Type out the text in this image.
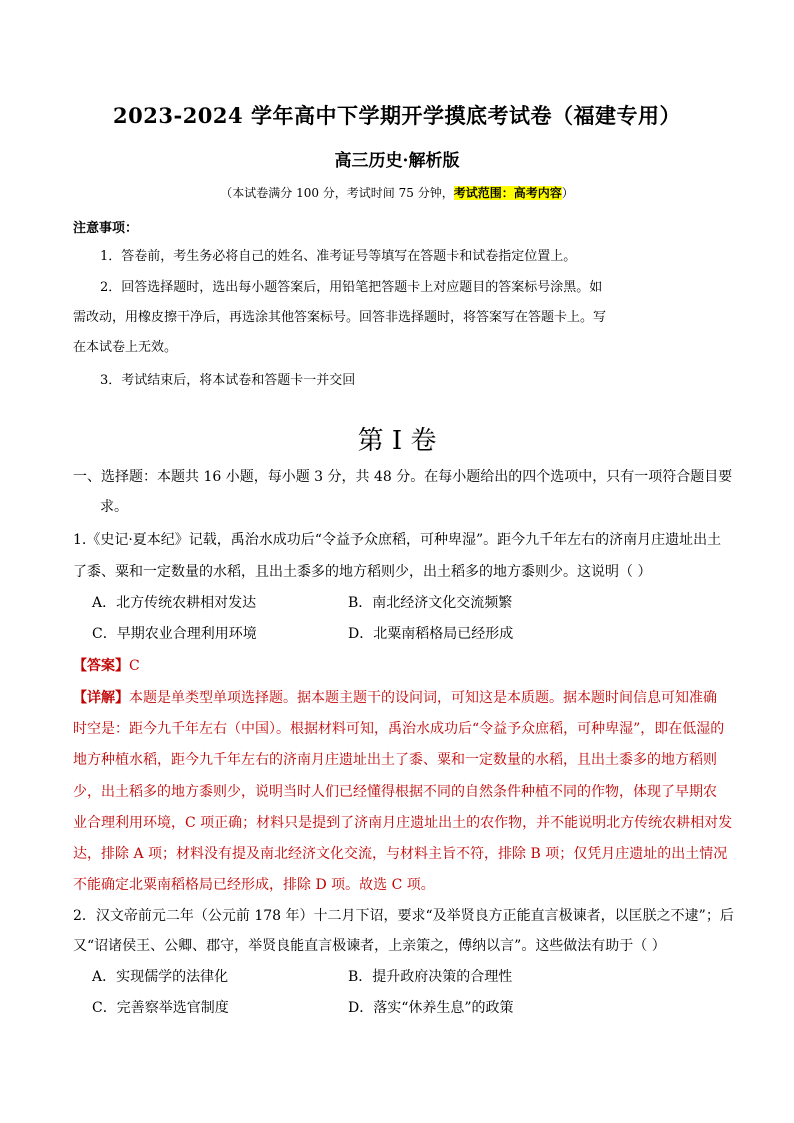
2023-2024 学年高中下学期开学摸底考试卷（福建专用）
高三历史·解析版
（本试卷满分 100 分，考试时间 75 分钟，考试范围：高考内容）
注意事项：
1．答卷前，考生务必将自己的姓名、准考证号等填写在答题卡和试卷指定位置上。
2．回答选择题时，选出每小题答案后，用铅笔把答题卡上对应题目的答案标号涂黑。如
需改动，用橡皮擦干净后，再选涂其他答案标号。回答非选择题时，将答案写在答题卡上。写
在本试卷上无效。
3．考试结束后，将本试卷和答题卡一并交回
第 I 卷
一、选择题：本题共 16 小题，每小题 3 分，共 48 分。在每小题给出的四个选项中，只有一项符合题目要
求。
1.《史记·夏本纪》记载，禹治水成功后“令益予众庶稻，可种卑湿”。距今九千年左右的济南月庄遗址出土
了黍、粟和一定数量的水稻，且出土黍多的地方稻则少，出土稻多的地方黍则少。这说明（ ）
A．北方传统农耕相对发达	B．南北经济文化交流频繁
C．早期农业合理利用环境	D．北粟南稻格局已经形成
【答案】C
【详解】本题是单类型单项选择题。据本题主题干的设问词，可知这是本质题。据本题时间信息可知准确
时空是：距今九千年左右（中国）。根据材料可知，禹治水成功后“令益予众庶稻，可种卑湿”，即在低湿的
地方种植水稻，距今九千年左右的济南月庄遗址出土了黍、粟和一定数量的水稻，且出土黍多的地方稻则
少，出土稻多的地方黍则少，说明当时人们已经懂得根据不同的自然条件种植不同的作物，体现了早期农
业合理利用环境，C 项正确；材料只是提到了济南月庄遗址出土的农作物，并不能说明北方传统农耕相对发
达，排除 A 项；材料没有提及南北经济文化交流，与材料主旨不符，排除 B 项；仅凭月庄遗址的出土情况
不能确定北粟南稻格局已经形成，排除 D 项。故选 C 项。
2．汉文帝前元二年（公元前 178 年）十二月下诏，要求“及举贤良方正能直言极谏者，以匡朕之不逮”；后
又“诏诸侯王、公卿、郡守，举贤良能直言极谏者，上亲策之，傅纳以言”。这些做法有助于（ ）
A．实现儒学的法律化	B．提升政府决策的合理性
C．完善察举选官制度	D．落实“休养生息”的政策
